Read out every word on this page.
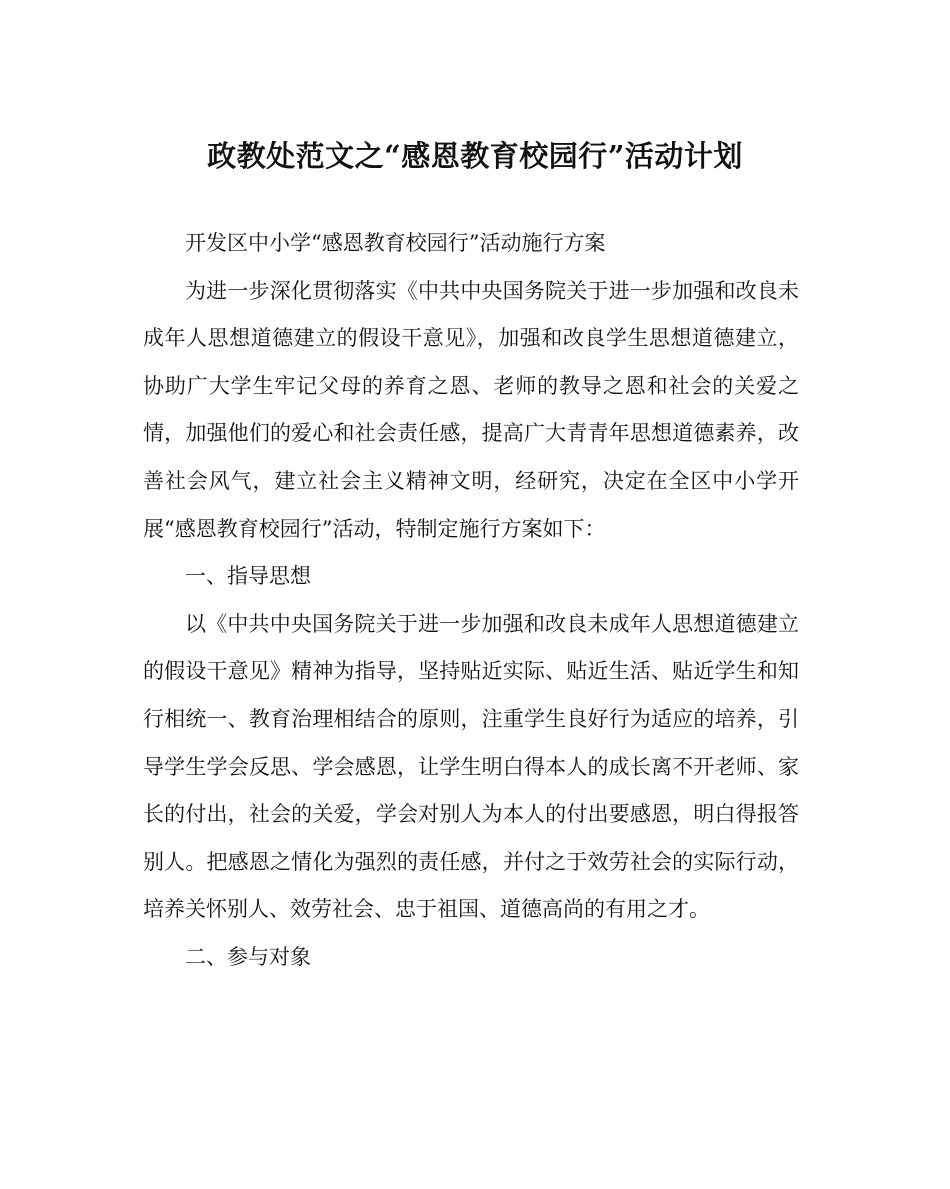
政教处范文之“感恩教育校园行”活动计划

开发区中小学“感恩教育校园行”活动施行方案

为进一步深化贯彻落实《中共中央国务院关于进一步加强和改良未成年人思想道德建立的假设干意见》，加强和改良学生思想道德建立，协助广大学生牢记父母的养育之恩、老师的教导之恩和社会的关爱之情，加强他们的爱心和社会责任感，提高广大青青年思想道德素养，改善社会风气，建立社会主义精神文明，经研究，决定在全区中小学开展“感恩教育校园行”活动，特制定施行方案如下：

一、指导思想

以《中共中央国务院关于进一步加强和改良未成年人思想道德建立的假设干意见》精神为指导，坚持贴近实际、贴近生活、贴近学生和知行相统一、教育治理相结合的原则，注重学生良好行为适应的培养，引导学生学会反思、学会感恩，让学生明白得本人的成长离不开老师、家长的付出，社会的关爱，学会对别人为本人的付出要感恩，明白得报答别人。把感恩之情化为强烈的责任感，并付之于效劳社会的实际行动，培养关怀别人、效劳社会、忠于祖国、道德高尚的有用之才。

二、参与对象
